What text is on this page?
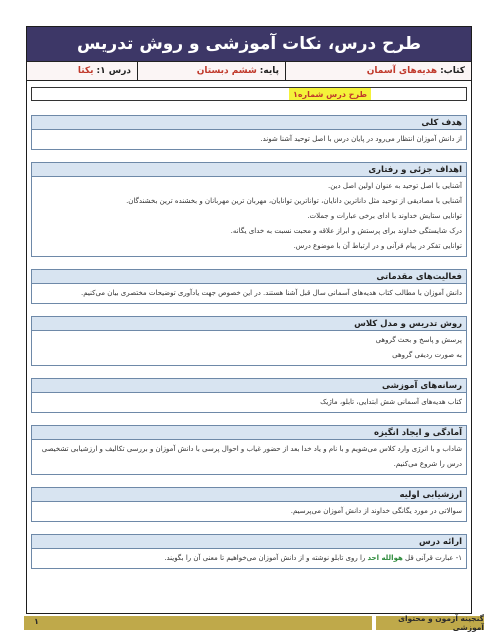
طرح درس، نکات آموزشی و روش تدریس
کتاب:
هدیه‌های آسمان
پایه:
ششم دبستان
درس ۱:
یکتا
طرح درس شماره۱
هدف کلی

از دانش آموزان انتظار می‌رود در پایان درس با اصل توحید آشنا شوند.

اهداف جزئی و رفتاری

آشنایی با اصل توحید به عنوان اولین اصل دین.

آشنایی با مصادیقی از توحید مثل داناترین دانایان، تواناترین توانایان، مهربان ترین مهربانان و بخشنده ترین بخشندگان.

توانایی ستایش خداوند با ادای برخی عبارات و جملات.

درک شایستگی خداوند برای پرستش و ابراز علاقه و محبت نسبت به خدای یگانه.

توانایی تفکر در پیام قرآنی و در ارتباط آن با موضوع درس.

فعالیت‌های مقدماتی

دانش آموزان با مطالب کتاب هدیه‌های آسمانی سال قبل آشنا هستند. در این خصوص جهت یادآوری توضیحات مختصری بیان می‌کنیم.

روش تدریس و مدل کلاس

پرسش و پاسخ و بحث گروهی

به صورت ردیفی گروهی

رسانه‌های آموزشی

کتاب هدیه‌های آسمانی شش ابتدایی، تابلو، ماژیک

آمادگی و ایجاد انگیزه

شاداب و با انرژی وارد کلاس می‌شویم و با نام و یاد خدا بعد از حضور غیاب و احوال پرسی با دانش آموزان و بررسی تکالیف و ارزشیابی تشخیصی درس را شروع می‌کنیم.

ارزشیابی اولیه

سوالاتی در مورد یگانگی خداوند از دانش آموزان می‌پرسیم.

ارائه درس

۱- عبارت قرآنی قل هوالله احد را روی تابلو نوشته و از دانش آموزان می‌خواهیم تا معنی آن را بگویند.

گنجینه آزمون و محتوای آموزشی
۱
